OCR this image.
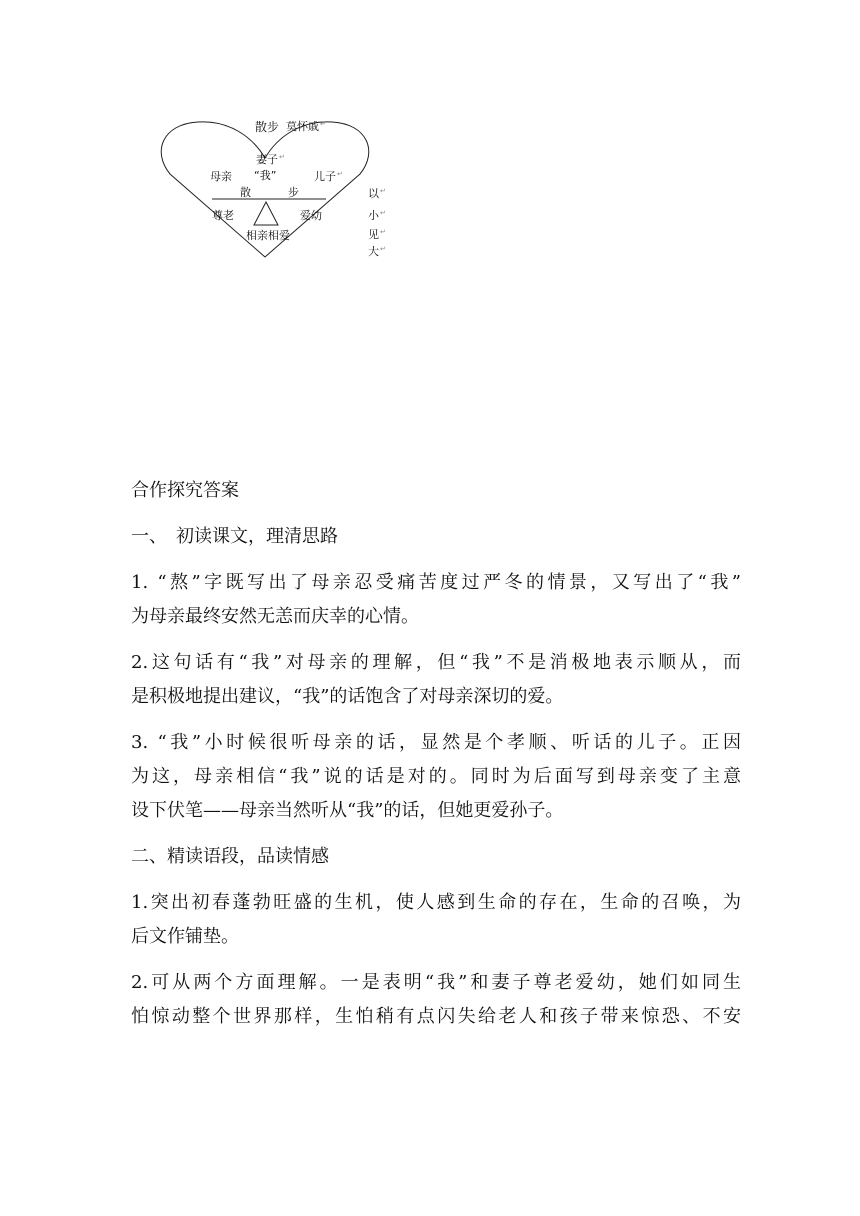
散步 莫怀戚↵
妻子↵
母亲 “我”	儿子↵
散	步
尊老	爱幼
相亲相爱
以↵
小↵
见↵
大↵

合作探究答案

一、　初读课文，理清思路

1. “熬”字既写出了母亲忍受痛苦度过严冬的情景，又写出了“我”

为母亲最终安然无恙而庆幸的心情。

2.这句话有“我”对母亲的理解，但“我”不是消极地表示顺从，而

是积极地提出建议，“我”的话饱含了对母亲深切的爱。

3. “我”小时候很听母亲的话，显然是个孝顺、听话的儿子。正因

为这，母亲相信“我”说的话是对的。同时为后面写到母亲变了主意

设下伏笔——母亲当然听从“我”的话，但她更爱孙子。

二、精读语段，品读情感

1.突出初春蓬勃旺盛的生机，使人感到生命的存在，生命的召唤，为

后文作铺垫。

2.可从两个方面理解。一是表明“我”和妻子尊老爱幼，她们如同生

怕惊动整个世界那样，生怕稍有点闪失给老人和孩子带来惊恐、不安
